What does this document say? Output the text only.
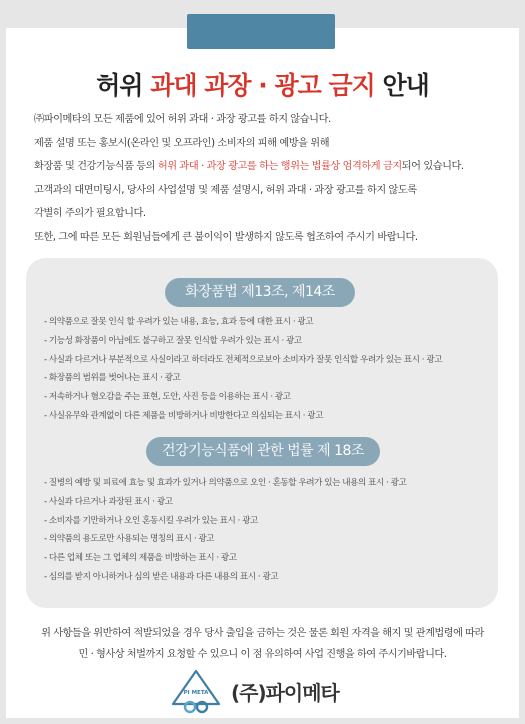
허위 과대 과장 · 광고 금지 안내
㈜파이메타의 모든 제품에 있어 허위 과대 · 과장 광고를 하지 않습니다.
제품 설명 또는 홍보시(온라인 및 오프라인) 소비자의 피해 예방을 위해
화장품 및 건강기능식품 등의 허위 과대 · 과장 광고를 하는 행위는 법률상 엄격하게 금지되어 있습니다.
고객과의 대면미팅시, 당사의 사업설명 및 제품 설명시, 허위 과대 · 과장 광고를 하지 않도록
각별히 주의가 필요합니다.
또한, 그에 따른 모든 회원님들에게 큰 불이익이 발생하지 않도록 협조하여 주시기 바랍니다.
화장품법 제13조, 제14조
- 의약품으로 잘못 인식 할 우려가 있는 내용, 효능, 효과 등에 대한 표시 · 광고
- 기능성 화장품이 아님에도 불구하고 잘못 인식할 우려가 있는 표시 · 광고
- 사실과 다르거나 부분적으로 사실이라고 하더라도 전체적으로보아 소비자가 잘못 인식할 우려가 있는 표시 · 광고
- 화장품의 범위를 벗어나는 표시 · 광고
- 저속하거나 혐오감을 주는 표현, 도안, 사진 등을 이용하는 표시 · 광고
- 사실유무와 관계없이 다른 제품을 비방하거나 비방한다고 의심되는 표시 · 광고
건강기능식품에 관한 법률 제 18조
- 질병의 예방 및 피료에 효능 및 효과가 있거나 의약품으로 오인 · 혼동할 우려가 있는 내용의 표시 · 광고
- 사실과 다르거나 과장된 표시 · 광고
- 소비자를 기만하거나 오인 혼동시킬 우려가 있는 표시 · 광고
- 의약품의 용도로만 사용되는 명칭의 표시 · 광고
- 다른 업체 또는 그 업체의 제품을 비방하는 표시 · 광고
- 심의를 받지 아니하거나 심의 받은 내용과 다른 내용의 표시 · 광고
위 사항들을 위반하여 적발되었을 경우 당사 출입을 금하는 것은 물론 회원 자격을 해지 및 관계법령에 따라
민 · 형사상 처벌까지 요청할 수 있으니 이 점 유의하여 사업 진행을 하여 주시기바랍니다.
PI META (주)파이메타
